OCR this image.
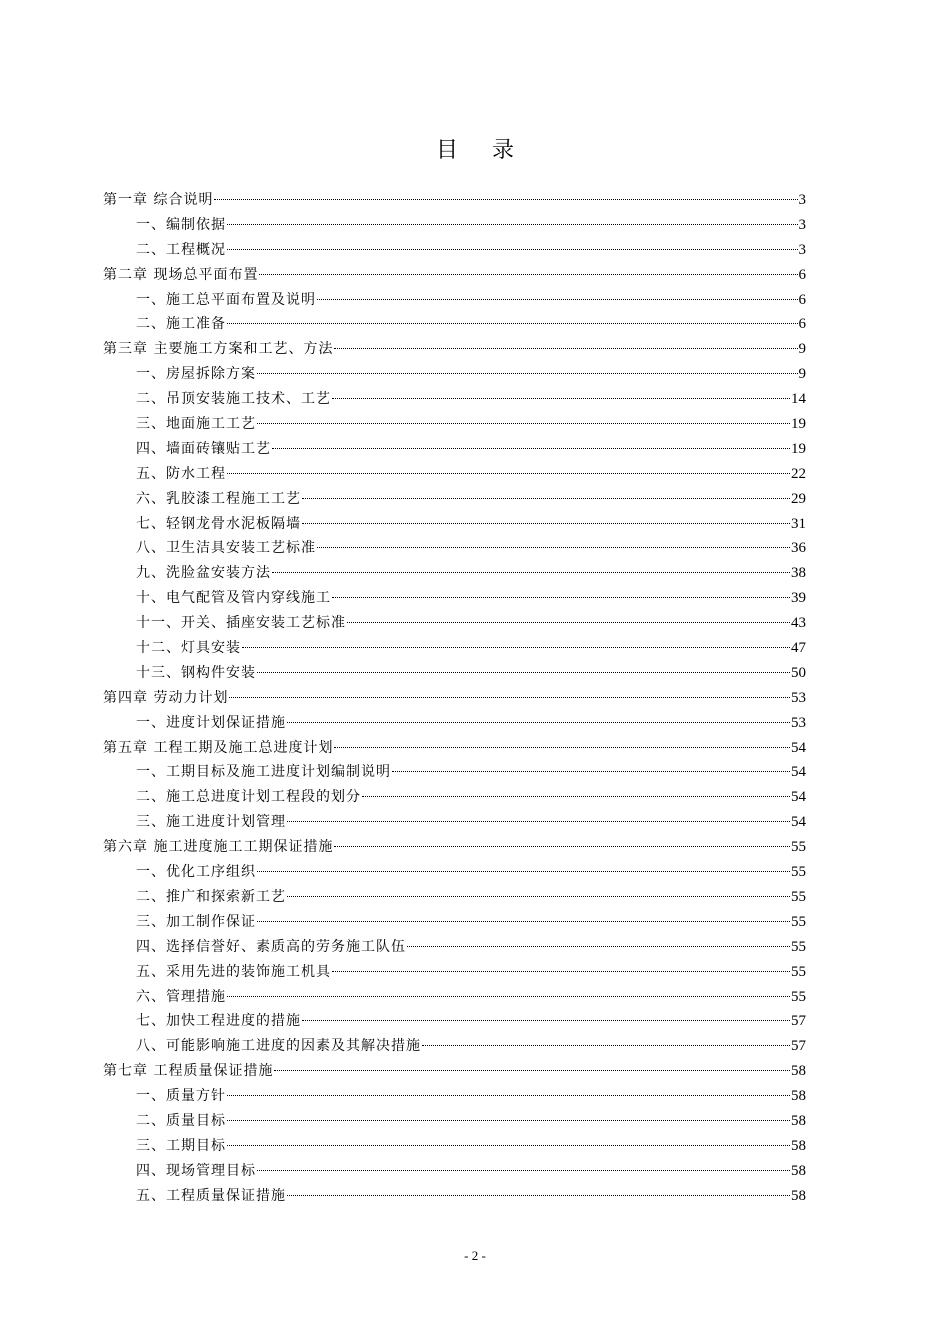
目 录
第一章 综合说明	3
一、编制依据	3
二、工程概况	3
第二章 现场总平面布置	6
一、施工总平面布置及说明	6
二、施工准备	6
第三章 主要施工方案和工艺、方法	9
一、房屋拆除方案	9
二、吊顶安装施工技术、工艺	14
三、地面施工工艺	19
四、墙面砖镶贴工艺	19
五、防水工程	22
六、乳胶漆工程施工工艺	29
七、轻钢龙骨水泥板隔墙	31
八、卫生洁具安装工艺标准	36
九、洗脸盆安装方法	38
十、电气配管及管内穿线施工	39
十一、开关、插座安装工艺标准	43
十二、灯具安装	47
十三、钢构件安装	50
第四章 劳动力计划	53
一、进度计划保证措施	53
第五章 工程工期及施工总进度计划	54
一、工期目标及施工进度计划编制说明	54
二、施工总进度计划工程段的划分	54
三、施工进度计划管理	54
第六章 施工进度施工工期保证措施	55
一、优化工序组织	55
二、推广和探索新工艺	55
三、加工制作保证	55
四、选择信誉好、素质高的劳务施工队伍	55
五、采用先进的装饰施工机具	55
六、管理措施	55
七、加快工程进度的措施	57
八、可能影响施工进度的因素及其解决措施	57
第七章 工程质量保证措施	58
一、质量方针	58
二、质量目标	58
三、工期目标	58
四、现场管理目标	58
五、工程质量保证措施	58
- 2 -
